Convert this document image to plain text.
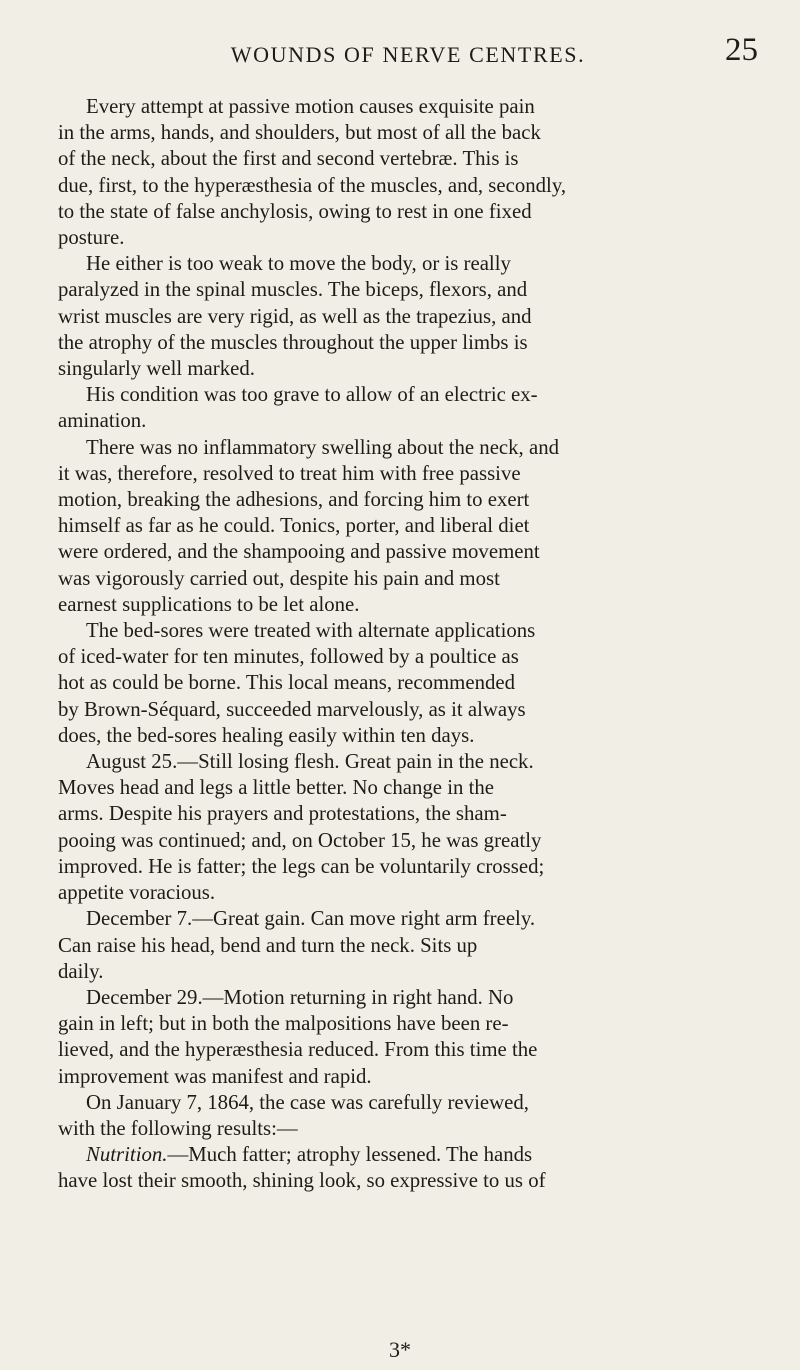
WOUNDS OF NERVE CENTRES.	25

Every attempt at passive motion causes exquisite pain
in the arms, hands, and shoulders, but most of all the back
of the neck, about the first and second vertebræ. This is
due, first, to the hyperæsthesia of the muscles, and, secondly,
to the state of false anchylosis, owing to rest in one fixed
posture.

He either is too weak to move the body, or is really
paralyzed in the spinal muscles. The biceps, flexors, and
wrist muscles are very rigid, as well as the trapezius, and
the atrophy of the muscles throughout the upper limbs is
singularly well marked.

His condition was too grave to allow of an electric ex-
amination.

There was no inflammatory swelling about the neck, and
it was, therefore, resolved to treat him with free passive
motion, breaking the adhesions, and forcing him to exert
himself as far as he could. Tonics, porter, and liberal diet
were ordered, and the shampooing and passive movement
was vigorously carried out, despite his pain and most
earnest supplications to be let alone.

The bed-sores were treated with alternate applications
of iced-water for ten minutes, followed by a poultice as
hot as could be borne. This local means, recommended
by Brown-Séquard, succeeded marvelously, as it always
does, the bed-sores healing easily within ten days.

August 25.—Still losing flesh. Great pain in the neck.
Moves head and legs a little better. No change in the
arms. Despite his prayers and protestations, the sham-
pooing was continued; and, on October 15, he was greatly
improved. He is fatter; the legs can be voluntarily crossed;
appetite voracious.

December 7.—Great gain. Can move right arm freely.
Can raise his head, bend and turn the neck. Sits up
daily.

December 29.—Motion returning in right hand. No
gain in left; but in both the malpositions have been re-
lieved, and the hyperæsthesia reduced. From this time the
improvement was manifest and rapid.

On January 7, 1864, the case was carefully reviewed,
with the following results:—

Nutrition.—Much fatter; atrophy lessened. The hands
have lost their smooth, shining look, so expressive to us of

3*
